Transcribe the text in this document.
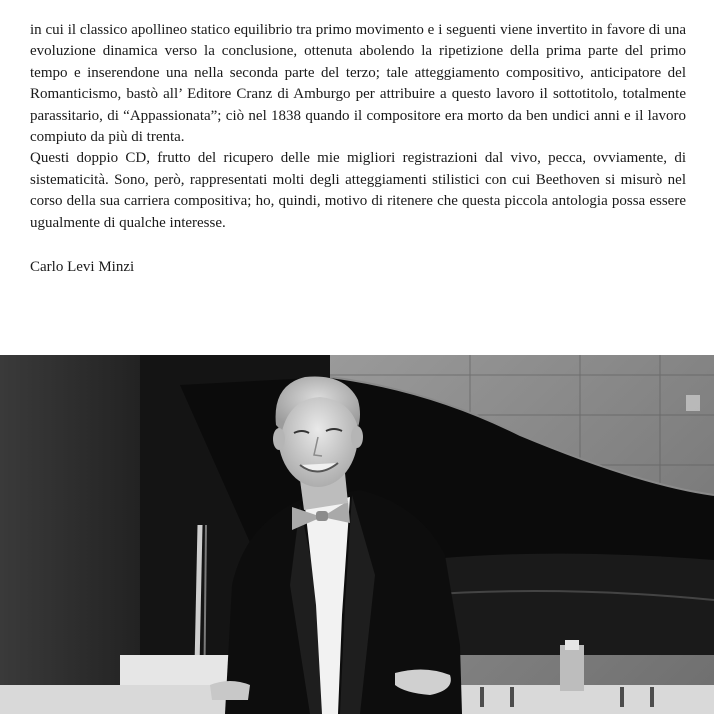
in cui il classico apollineo statico equilibrio tra primo movimento e i seguenti viene invertito in favore di una evoluzione dinamica verso la conclusione, ottenuta abolendo la ripetizione della prima parte del primo tempo e inserendone una nella seconda parte del terzo; tale atteggiamento compositivo, anticipatore del Romanticismo, bastò all’ Editore Cranz di Amburgo per attribuire a questo lavoro il sottotitolo, totalmente parassitario, di “Appassionata”; ciò nel 1838 quando il compositore era morto da ben undici anni e il lavoro compiuto da più di trenta.

Questi doppio CD, frutto del ricupero delle mie migliori registrazioni dal vivo, pecca, ovviamente, di sistematicità. Sono, però, rappresentati molti degli atteggiamenti stilistici con cui Beethoven si misurò nel corso della sua carriera compositiva; ho, quindi, motivo di ritenere che questa piccola antologia possa essere ugualmente di qualche interesse.

Carlo Levi Minzi
